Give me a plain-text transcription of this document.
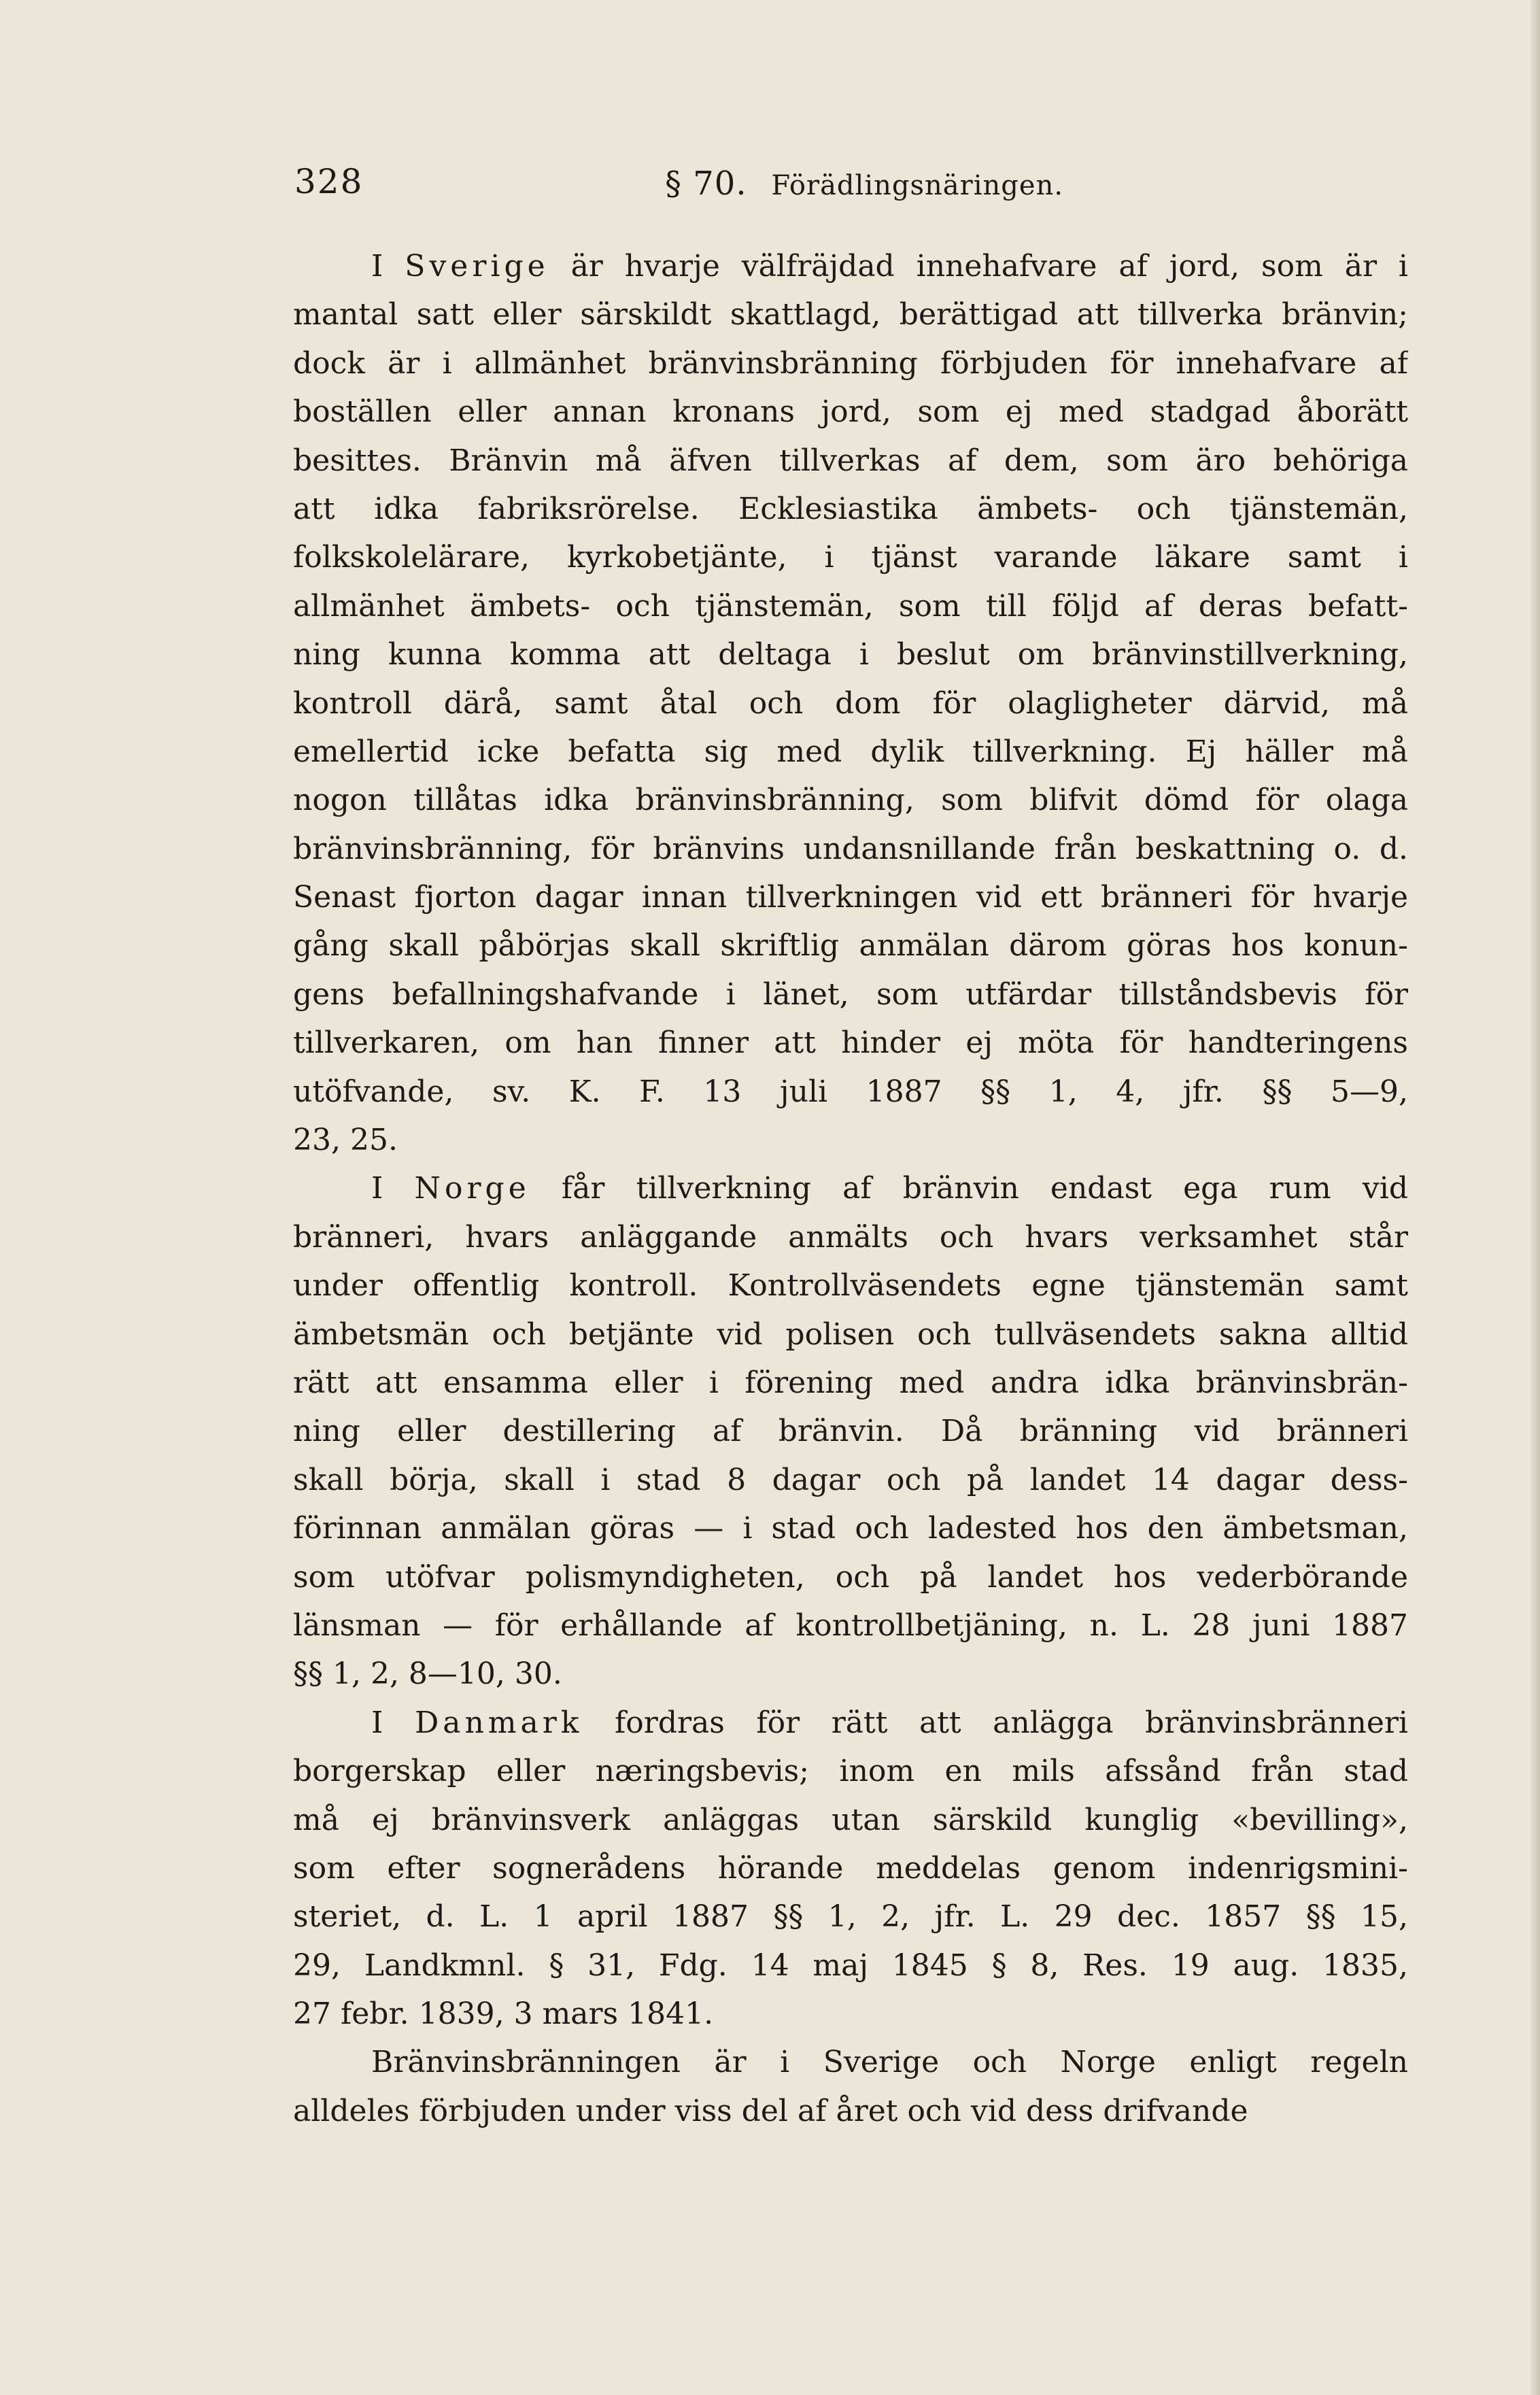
328	§ 70. Förädlingsnäringen.
I Sverige är hvarje välfräjdad innehafvare af jord, som är i
mantal satt eller särskildt skattlagd, berättigad att tillverka bränvin;
dock är i allmänhet bränvinsbränning förbjuden för innehafvare af
boställen eller annan kronans jord, som ej med stadgad åborätt
besittes. Bränvin må äfven tillverkas af dem, som äro behöriga
att idka fabriksrörelse. Ecklesiastika ämbets- och tjänstemän,
folkskolelärare, kyrkobetjänte, i tjänst varande läkare samt i
allmänhet ämbets- och tjänstemän, som till följd af deras befatt-
ning kunna komma att deltaga i beslut om bränvinstillverkning,
kontroll därå, samt åtal och dom för olagligheter därvid, må
emellertid icke befatta sig med dylik tillverkning. Ej häller må
nogon tillåtas idka bränvinsbränning, som blifvit dömd för olaga
bränvinsbränning, för bränvins undansnillande från beskattning o. d.
Senast fjorton dagar innan tillverkningen vid ett bränneri för hvarje
gång skall påbörjas skall skriftlig anmälan därom göras hos konun-
gens befallningshafvande i länet, som utfärdar tillståndsbevis för
tillverkaren, om han finner att hinder ej möta för handteringens
utöfvande, sv. K. F. 13 juli 1887 §§ 1, 4, jfr. §§ 5—9,
23, 25.
I Norge får tillverkning af bränvin endast ega rum vid
bränneri, hvars anläggande anmälts och hvars verksamhet står
under offentlig kontroll. Kontrollväsendets egne tjänstemän samt
ämbetsmän och betjänte vid polisen och tullväsendets sakna alltid
rätt att ensamma eller i förening med andra idka bränvinsbrän-
ning eller destillering af bränvin. Då bränning vid bränneri
skall börja, skall i stad 8 dagar och på landet 14 dagar dess-
förinnan anmälan göras — i stad och ladested hos den ämbetsman,
som utöfvar polismyndigheten, och på landet hos vederbörande
länsman — för erhållande af kontrollbetjäning, n. L. 28 juni 1887
§§ 1, 2, 8—10, 30.
I Danmark fordras för rätt att anlägga bränvinsbränneri
borgerskap eller næringsbevis; inom en mils afssånd från stad
må ej bränvinsverk anläggas utan särskild kunglig «bevilling»,
som efter sognerådens hörande meddelas genom indenrigsmini-
steriet, d. L. 1 april 1887 §§ 1, 2, jfr. L. 29 dec. 1857 §§ 15,
29, Landkmnl. § 31, Fdg. 14 maj 1845 § 8, Res. 19 aug. 1835,
27 febr. 1839, 3 mars 1841.
Bränvinsbränningen är i Sverige och Norge enligt regeln
alldeles förbjuden under viss del af året och vid dess drifvande
